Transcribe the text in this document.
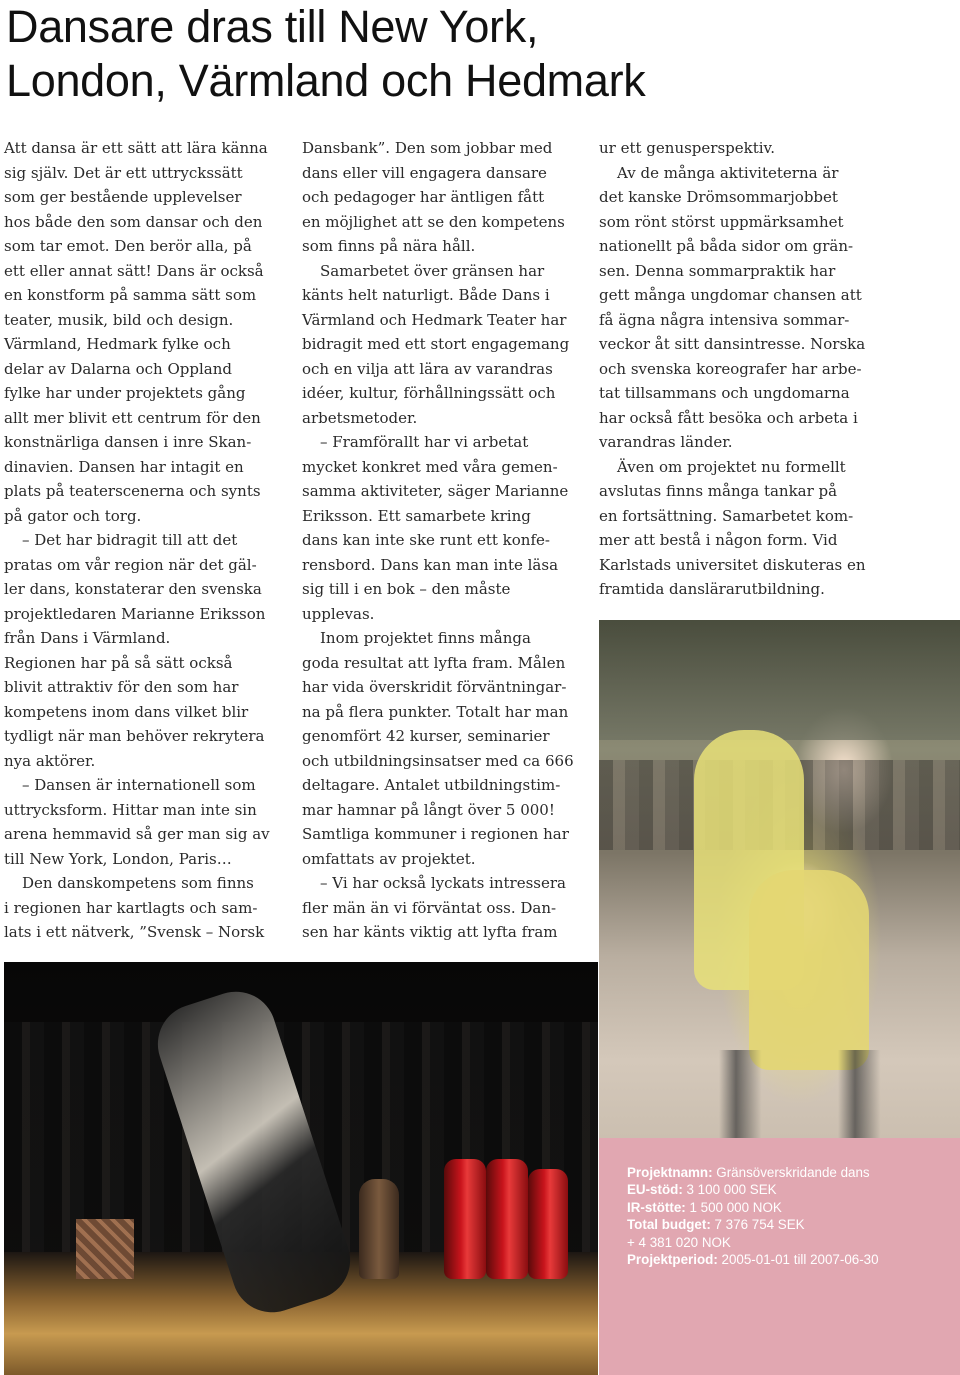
Dansare dras till New York,
London, Värmland och Hedmark

Att dansa är ett sätt att lära känna
sig själv. Det är ett uttryckssätt
som ger bestående upplevelser
hos både den som dansar och den
som tar emot. Den berör alla, på
ett eller annat sätt! Dans är också
en konstform på samma sätt som
teater, musik, bild och design.
Värmland, Hedmark fylke och
delar av Dalarna och Oppland
fylke har under projektets gång
allt mer blivit ett centrum för den
konstnärliga dansen i inre Skan-
dinavien. Dansen har intagit en
plats på teaterscenerna och synts
på gator och torg.

– Det har bidragit till att det
pratas om vår region när det gäl-
ler dans, konstaterar den svenska
projektledaren Marianne Eriksson
från Dans i Värmland.

Regionen har på så sätt också
blivit attraktiv för den som har
kompetens inom dans vilket blir
tydligt när man behöver rekrytera
nya aktörer.

– Dansen är internationell som
uttrycksform. Hittar man inte sin
arena hemmavid så ger man sig av
till New York, London, Paris…

Den danskompetens som finns
i regionen har kartlagts och sam-
lats i ett nätverk, ”Svensk – Norsk

Dansbank”. Den som jobbar med
dans eller vill engagera dansare
och pedagoger har äntligen fått
en möjlighet att se den kompetens
som finns på nära håll.

Samarbetet över gränsen har
känts helt naturligt. Både Dans i
Värmland och Hedmark Teater har
bidragit med ett stort engagemang
och en vilja att lära av varandras
idéer, kultur, förhållningssätt och
arbetsmetoder.

– Framförallt har vi arbetat
mycket konkret med våra gemen-
samma aktiviteter, säger Marianne
Eriksson. Ett samarbete kring
dans kan inte ske runt ett konfe-
rensbord. Dans kan man inte läsa
sig till i en bok – den måste
upplevas.

Inom projektet finns många
goda resultat att lyfta fram. Målen
har vida överskridit förväntningar-
na på flera punkter. Totalt har man
genomfört 42 kurser, seminarier
och utbildningsinsatser med ca 666
deltagare. Antalet utbildningstim-
mar hamnar på långt över 5 000!
Samtliga kommuner i regionen har
omfattats av projektet.

– Vi har också lyckats intressera
fler män än vi förväntat oss. Dan-
sen har känts viktig att lyfta fram

ur ett genusperspektiv.

Av de många aktiviteterna är
det kanske Drömsommarjobbet
som rönt störst uppmärksamhet
nationellt på båda sidor om grän-
sen. Denna sommarpraktik har
gett många ungdomar chansen att
få ägna några intensiva sommar-
veckor åt sitt dansintresse. Norska
och svenska koreografer har arbe-
tat tillsammans och ungdomarna
har också fått besöka och arbeta i
varandras länder.

Även om projektet nu formellt
avslutas finns många tankar på
en fortsättning. Samarbetet kom-
mer att bestå i någon form. Vid
Karlstads universitet diskuteras en
framtida danslärarutbildning.

Projektnamn: Gränsöverskridande dans
EU-stöd: 3 100 000 SEK
IR-stötte: 1 500 000 NOK
Total budget: 7 376 754 SEK
+ 4 381 020 NOK
Projektperiod: 2005-01-01 till 2007-06-30
